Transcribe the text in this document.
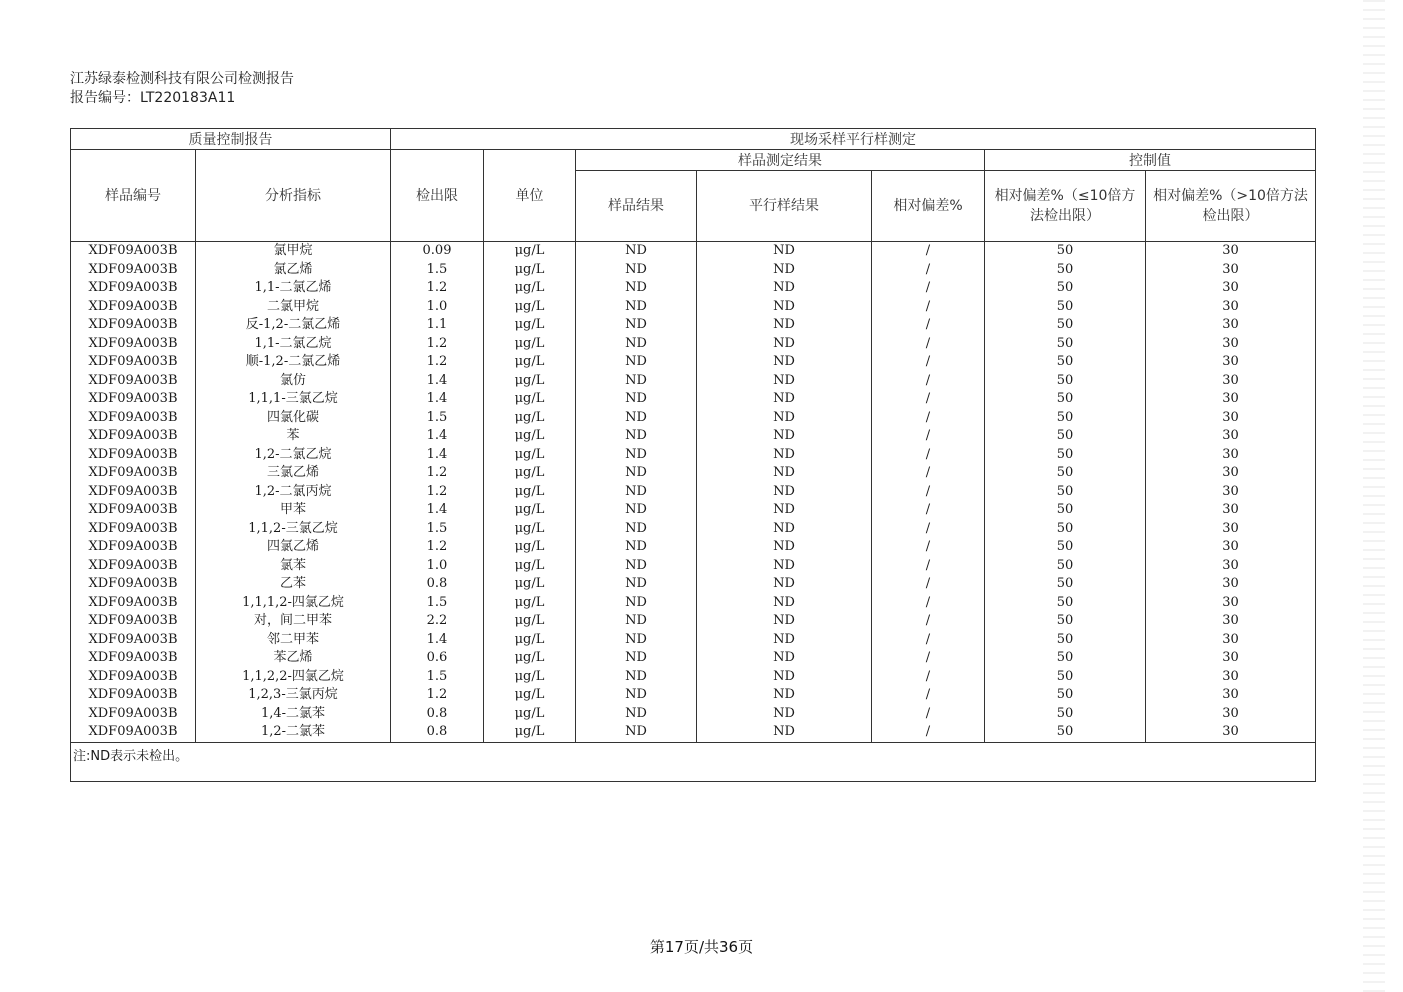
江苏绿泰检测科技有限公司检测报告
报告编号：LT220183A11
质量控制报告		现场采样平行样测定						
样品编号	分析指标	检出限	单位	样品测定结果			控制值	
				样品结果	平行样结果	相对偏差%	相对偏差%（≤10倍方法检出限）	相对偏差%（>10倍方法检出限）
XDF09A003B	氯甲烷	0.09	μg/L	ND	ND	/	50	30
XDF09A003B	氯乙烯	1.5	μg/L	ND	ND	/	50	30
XDF09A003B	1,1-二氯乙烯	1.2	μg/L	ND	ND	/	50	30
XDF09A003B	二氯甲烷	1.0	μg/L	ND	ND	/	50	30
XDF09A003B	反-1,2-二氯乙烯	1.1	μg/L	ND	ND	/	50	30
XDF09A003B	1,1-二氯乙烷	1.2	μg/L	ND	ND	/	50	30
XDF09A003B	顺-1,2-二氯乙烯	1.2	μg/L	ND	ND	/	50	30
XDF09A003B	氯仿	1.4	μg/L	ND	ND	/	50	30
XDF09A003B	1,1,1-三氯乙烷	1.4	μg/L	ND	ND	/	50	30
XDF09A003B	四氯化碳	1.5	μg/L	ND	ND	/	50	30
XDF09A003B	苯	1.4	μg/L	ND	ND	/	50	30
XDF09A003B	1,2-二氯乙烷	1.4	μg/L	ND	ND	/	50	30
XDF09A003B	三氯乙烯	1.2	μg/L	ND	ND	/	50	30
XDF09A003B	1,2-二氯丙烷	1.2	μg/L	ND	ND	/	50	30
XDF09A003B	甲苯	1.4	μg/L	ND	ND	/	50	30
XDF09A003B	1,1,2-三氯乙烷	1.5	μg/L	ND	ND	/	50	30
XDF09A003B	四氯乙烯	1.2	μg/L	ND	ND	/	50	30
XDF09A003B	氯苯	1.0	μg/L	ND	ND	/	50	30
XDF09A003B	乙苯	0.8	μg/L	ND	ND	/	50	30
XDF09A003B	1,1,1,2-四氯乙烷	1.5	μg/L	ND	ND	/	50	30
XDF09A003B	对，间二甲苯	2.2	μg/L	ND	ND	/	50	30
XDF09A003B	邻二甲苯	1.4	μg/L	ND	ND	/	50	30
XDF09A003B	苯乙烯	0.6	μg/L	ND	ND	/	50	30
XDF09A003B	1,1,2,2-四氯乙烷	1.5	μg/L	ND	ND	/	50	30
XDF09A003B	1,2,3-三氯丙烷	1.2	μg/L	ND	ND	/	50	30
XDF09A003B	1,4-二氯苯	0.8	μg/L	ND	ND	/	50	30
XDF09A003B	1,2-二氯苯	0.8	μg/L	ND	ND	/	50	30
注:ND表示未检出。								
第17页/共36页
